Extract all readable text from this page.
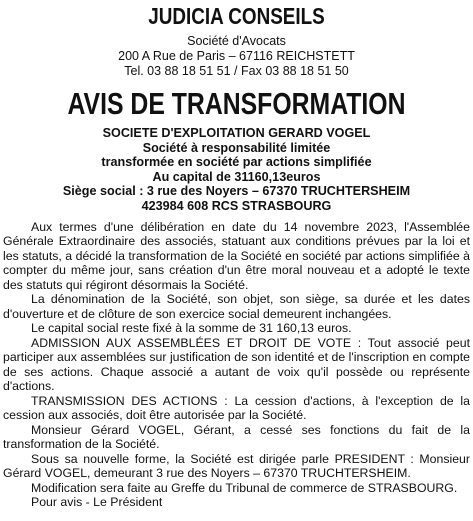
JUDICIA CONSEILS
Société d'Avocats
200 A Rue de Paris – 67116 REICHSTETT
Tel. 03 88 18 51 51 / Fax 03 88 18 51 50
AVIS DE TRANSFORMATION
SOCIETE D'EXPLOITATION GERARD VOGEL
Société à responsabilité limitée
transformée en société par actions simplifiée
Au capital de 31160,13euros
Siège social : 3 rue des Noyers – 67370 TRUCHTERSHEIM
423984 608 RCS STRASBOURG

Aux termes d'une délibération en date du 14 novembre 2023, l'Assemblée Générale Extraordinaire des associés, statuant aux conditions prévues par la loi et les statuts, a décidé la transformation de la Société en société par actions simplifiée à compter du même jour, sans création d'un être moral nouveau et a adopté le texte des statuts qui régiront désormais la Société.

La dénomination de la Société, son objet, son siège, sa durée et les dates d'ouverture et de clôture de son exercice social demeurent inchangées.

Le capital social reste fixé à la somme de 31 160,13 euros.

ADMISSION AUX ASSEMBLÉES ET DROIT DE VOTE : Tout associé peut participer aux assemblées sur justification de son identité et de l'inscription en compte de ses actions. Chaque associé a autant de voix qu'il possède ou représente d'actions.

TRANSMISSION DES ACTIONS : La cession d'actions, à l'exception de la cession aux associés, doit être autorisée par la Société.

Monsieur Gérard VOGEL, Gérant, a cessé ses fonctions du fait de la transformation de la Société.

Sous sa nouvelle forme, la Société est dirigée parle PRESIDENT : Monsieur Gérard VOGEL, demeurant 3 rue des Noyers – 67370 TRUCHTERSHEIM.

Modification sera faite au Greffe du Tribunal de commerce de STRASBOURG.

Pour avis - Le Président
